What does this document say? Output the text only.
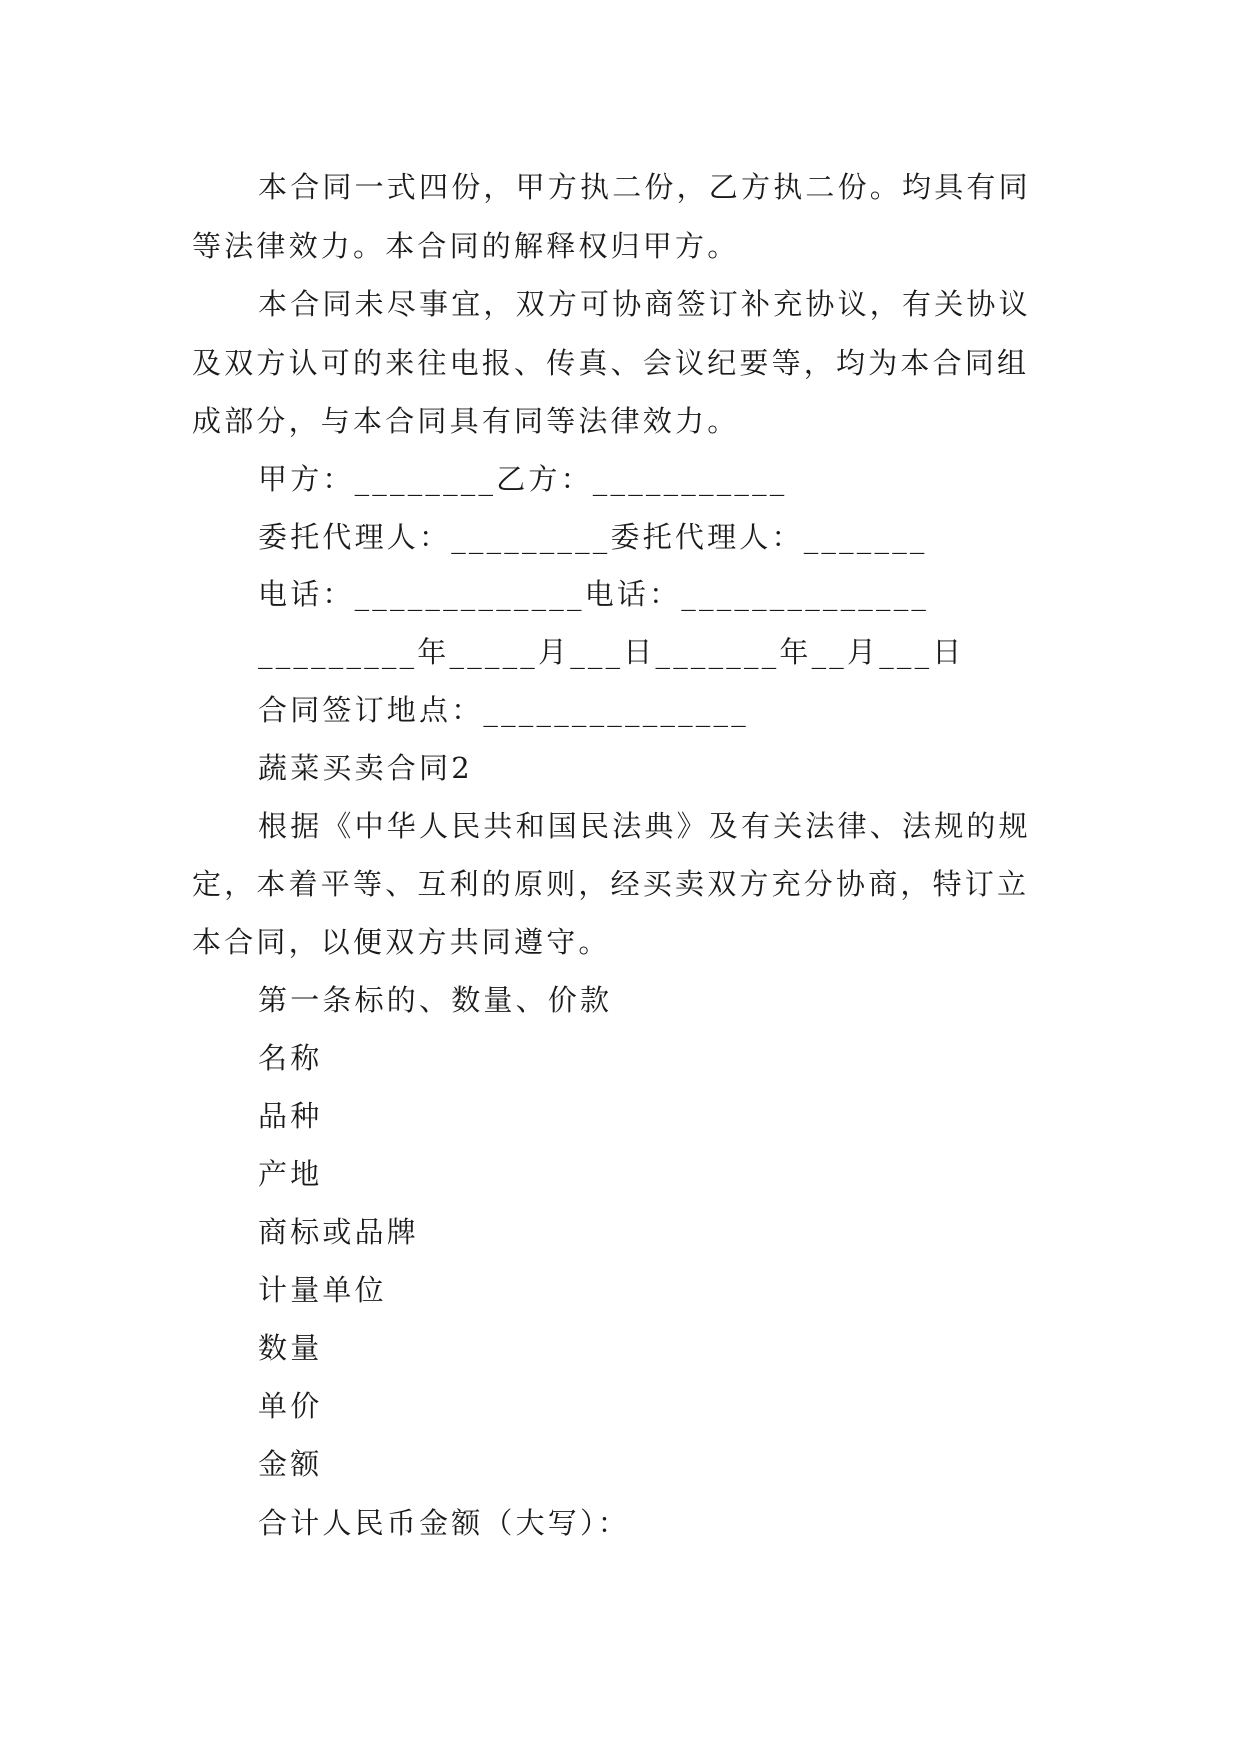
本合同一式四份，甲方执二份，乙方执二份。均具有同
等法律效力。本合同的解释权归甲方。
本合同未尽事宜，双方可协商签订补充协议，有关协议
及双方认可的来往电报、传真、会议纪要等，均为本合同组
成部分，与本合同具有同等法律效力。
甲方：________乙方：___________
委托代理人：_________委托代理人：_______
电话：_____________电话：______________
_________年_____月___日_______年__月___日
合同签订地点：_______________
蔬菜买卖合同2
根据《中华人民共和国民法典》及有关法律、法规的规
定，本着平等、互利的原则，经买卖双方充分协商，特订立
本合同，以便双方共同遵守。
第一条标的、数量、价款
名称
品种
产地
商标或品牌
计量单位
数量
单价
金额
合计人民币金额（大写）：
